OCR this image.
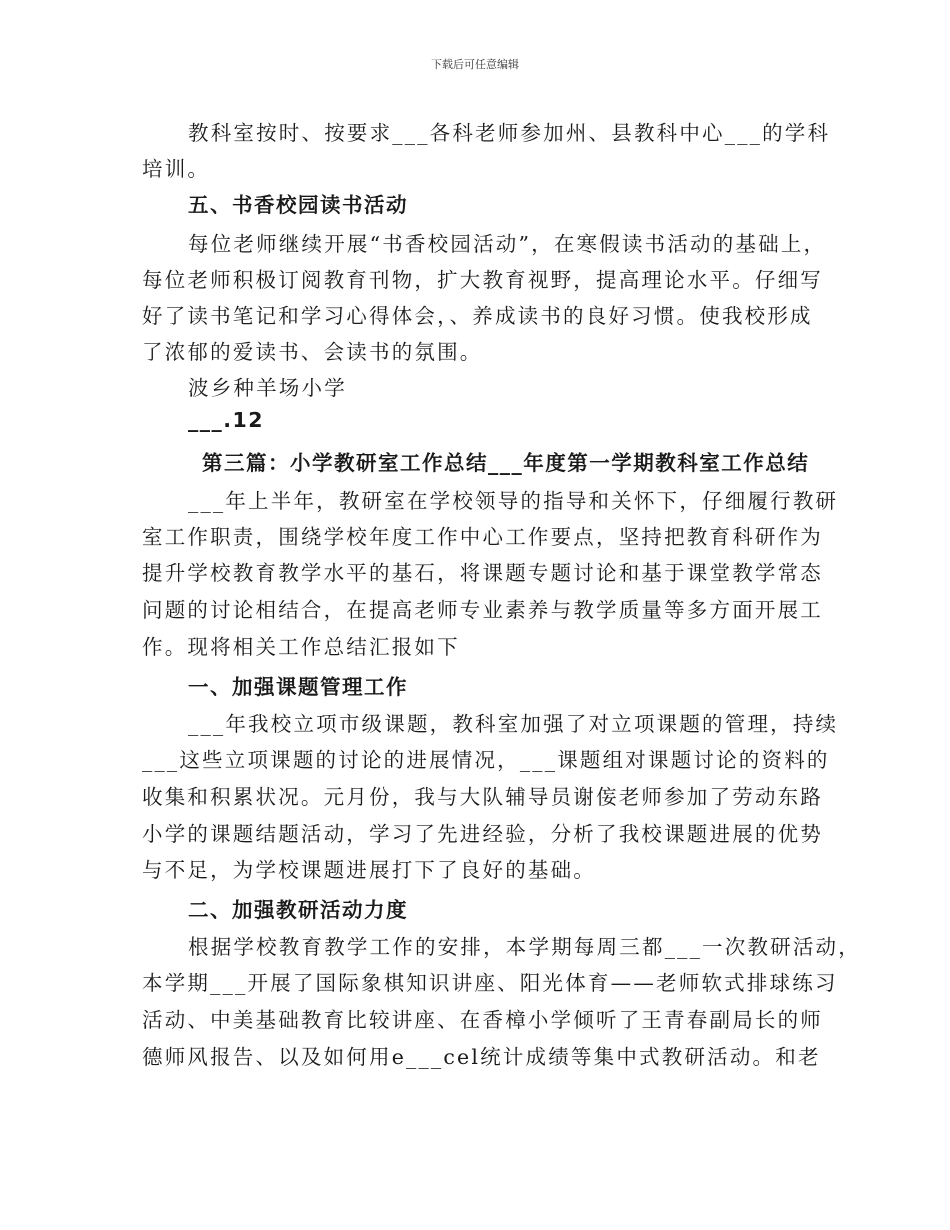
下载后可任意编辑
教科室按时、按要求___各科老师参加州、县教科中心___的学科
培训。
五、书香校园读书活动
每位老师继续开展“书香校园活动”，在寒假读书活动的基础上，
每位老师积极订阅教育刊物，扩大教育视野，提高理论水平。仔细写
好了读书笔记和学习心得体会，、养成读书的良好习惯。使我校形成
了浓郁的爱读书、会读书的氛围。
波乡种羊场小学
___.12
第三篇：小学教研室工作总结___年度第一学期教科室工作总结
___年上半年，教研室在学校领导的指导和关怀下，仔细履行教研
室工作职责，围绕学校年度工作中心工作要点，坚持把教育科研作为
提升学校教育教学水平的基石，将课题专题讨论和基于课堂教学常态
问题的讨论相结合，在提高老师专业素养与教学质量等多方面开展工
作。现将相关工作总结汇报如下
一、加强课题管理工作
___年我校立项市级课题，教科室加强了对立项课题的管理，持续
___这些立项课题的讨论的进展情况，___课题组对课题讨论的资料的
收集和积累状况。元月份，我与大队辅导员谢侫老师参加了劳动东路
小学的课题结题活动，学习了先进经验，分析了我校课题进展的优势
与不足，为学校课题进展打下了良好的基础。
二、加强教研活动力度
根据学校教育教学工作的安排，本学期每周三都___一次教研活动，
本学期___开展了国际象棋知识讲座、阳光体育——老师软式排球练习
活动、中美基础教育比较讲座、在香樟小学倾听了王青春副局长的师
德师风报告、以及如何用e___cel统计成绩等集中式教研活动。和老
